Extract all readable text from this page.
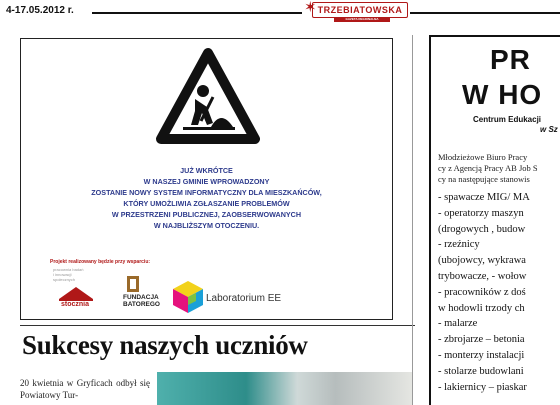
4-17.05.2012 r.	✶ TRZEBIATOWSKA
GAZETA REGIONALNA
JUŻ WKRÓTCE
W NASZEJ GMINIE WPROWADZONY
ZOSTANIE NOWY SYSTEM INFORMATYCZNY DLA MIESZKAŃCÓW,
KTÓRY UMOŻLIWIA ZGŁASZANIE PROBLEMÓW
W PRZESTRZENI PUBLICZNEJ, ZAOBSERWOWANYCH
W NAJBLIŻSZYM OTOCZENIU.
Projekt realizowany będzie przy wsparciu:
pracownia badań
i innowacji
społecznych
stocznia
FUNDACJA BATOREGO
Laboratorium EE
Sukcesy naszych uczniów
20 kwietnia w Gryficach odbył się Powiatowy Tur-
PR
W HO
Centrum Edukacji
w Sz
Młodzieżowe Biuro Pracy
cy z Agencją Pracy AB Job S
cy na następujące stanowis
- spawacze MIG/ MA
- operatorzy maszyn
(drogowych , budow
- rzeźnicy
(ubojowcy, wykrawa
trybowacze, - wołow
- pracowników z doś
w hodowli trzody ch
- malarze
- zbrojarze – betonia
- monterzy instalacji
- stolarze budowlani
- lakiernicy – piaskar
